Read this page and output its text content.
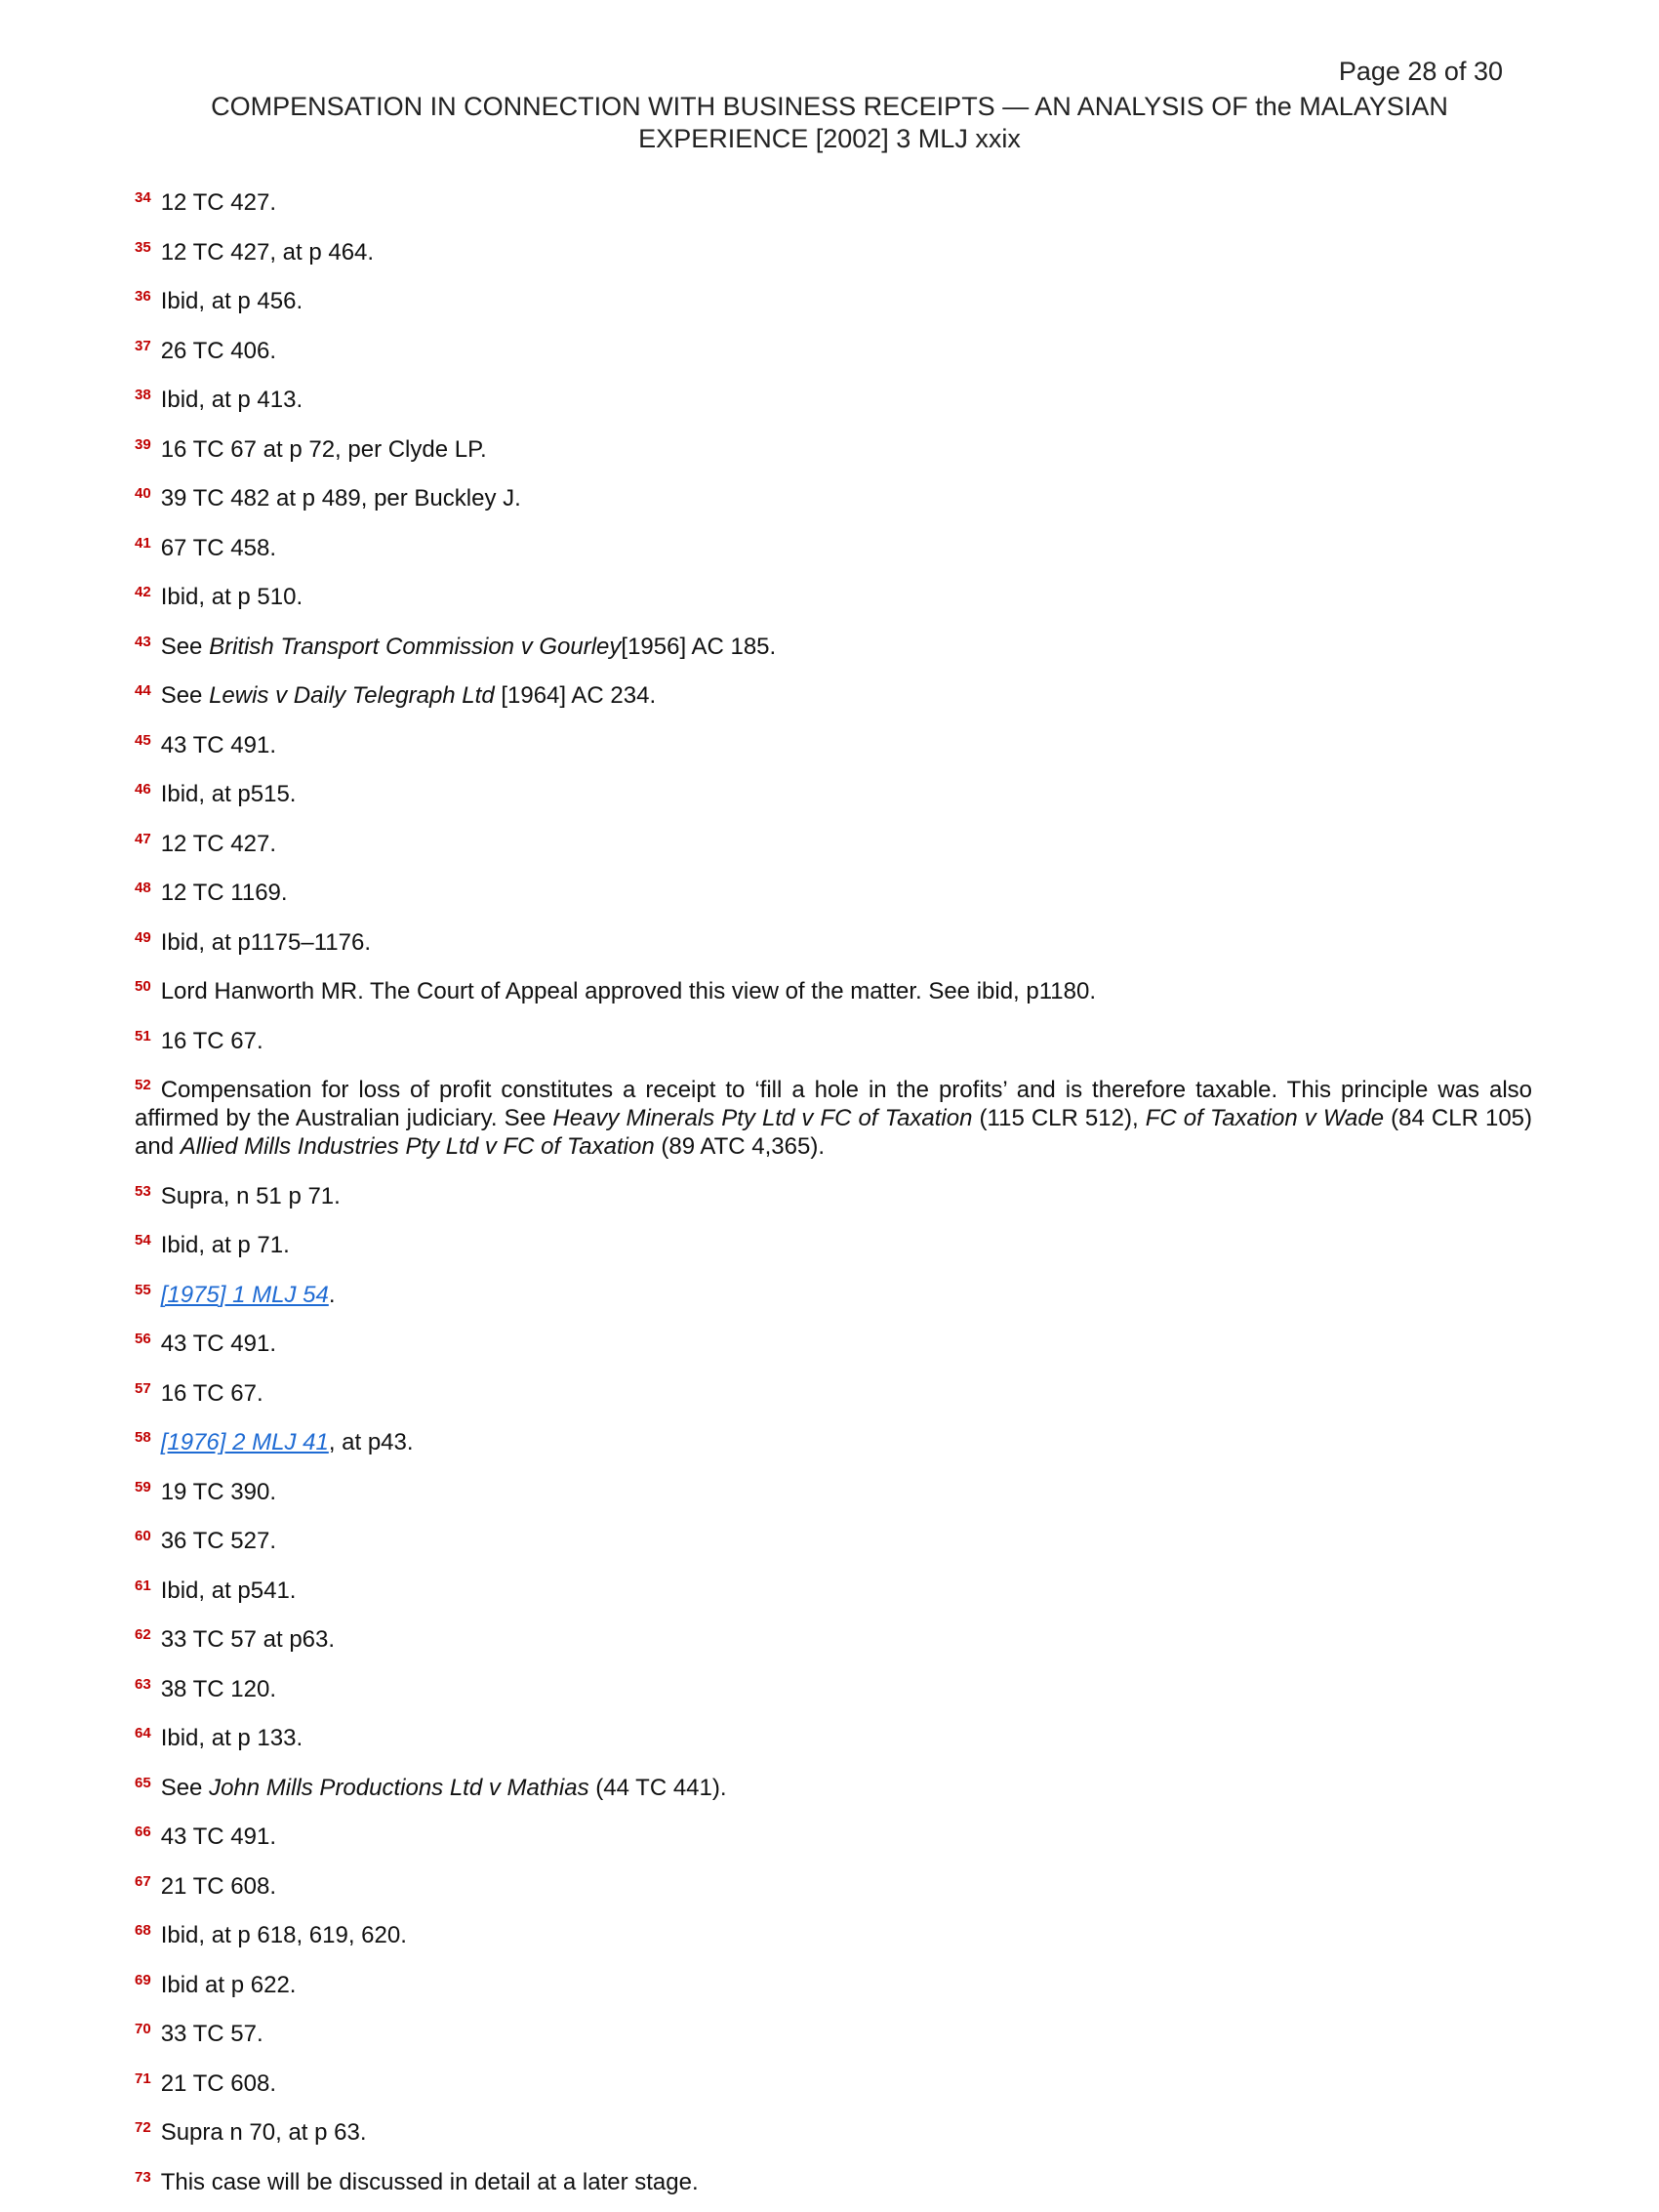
Page 28 of 30
COMPENSATION IN CONNECTION WITH BUSINESS RECEIPTS — AN ANALYSIS OF the MALAYSIAN
EXPERIENCE [2002] 3 MLJ xxix
$^{34}$ 12 TC 427.
$^{35}$ 12 TC 427, at p 464.
$^{36}$ Ibid, at p 456.
$^{37}$ 26 TC 406.
$^{38}$ Ibid, at p 413.
$^{39}$ 16 TC 67 at p 72, per Clyde LP.
$^{40}$ 39 TC 482 at p 489, per Buckley J.
$^{41}$ 67 TC 458.
$^{42}$ Ibid, at p 510.
$^{43}$ See British Transport Commission v Gourley[1956] AC 185.
$^{44}$ See Lewis v Daily Telegraph Ltd [1964] AC 234.
$^{45}$ 43 TC 491.
$^{46}$ Ibid, at p515.
$^{47}$ 12 TC 427.
$^{48}$ 12 TC 1169.
$^{49}$ Ibid, at p1175–1176.
$^{50}$ Lord Hanworth MR. The Court of Appeal approved this view of the matter. See ibid, p1180.
$^{51}$ 16 TC 67.
$^{52}$ Compensation for loss of profit constitutes a receipt to ‘fill a hole in the profits’ and is therefore taxable. This principle was also affirmed by the Australian judiciary. See Heavy Minerals Pty Ltd v FC of Taxation (115 CLR 512), FC of Taxation v Wade (84 CLR 105) and Allied Mills Industries Pty Ltd v FC of Taxation (89 ATC 4,365).
$^{53}$ Supra, n 51 p 71.
$^{54}$ Ibid, at p 71.
$^{55}$ [1975] 1 MLJ 54.
$^{56}$ 43 TC 491.
$^{57}$ 16 TC 67.
$^{58}$ [1976] 2 MLJ 41, at p43.
$^{59}$ 19 TC 390.
$^{60}$ 36 TC 527.
$^{61}$ Ibid, at p541.
$^{62}$ 33 TC 57 at p63.
$^{63}$ 38 TC 120.
$^{64}$ Ibid, at p 133.
$^{65}$ See John Mills Productions Ltd v Mathias (44 TC 441).
$^{66}$ 43 TC 491.
$^{67}$ 21 TC 608.
$^{68}$ Ibid, at p 618, 619, 620.
$^{69}$ Ibid at p 622.
$^{70}$ 33 TC 57.
$^{71}$ 21 TC 608.
$^{72}$ Supra n 70, at p 63.
$^{73}$ This case will be discussed in detail at a later stage.
